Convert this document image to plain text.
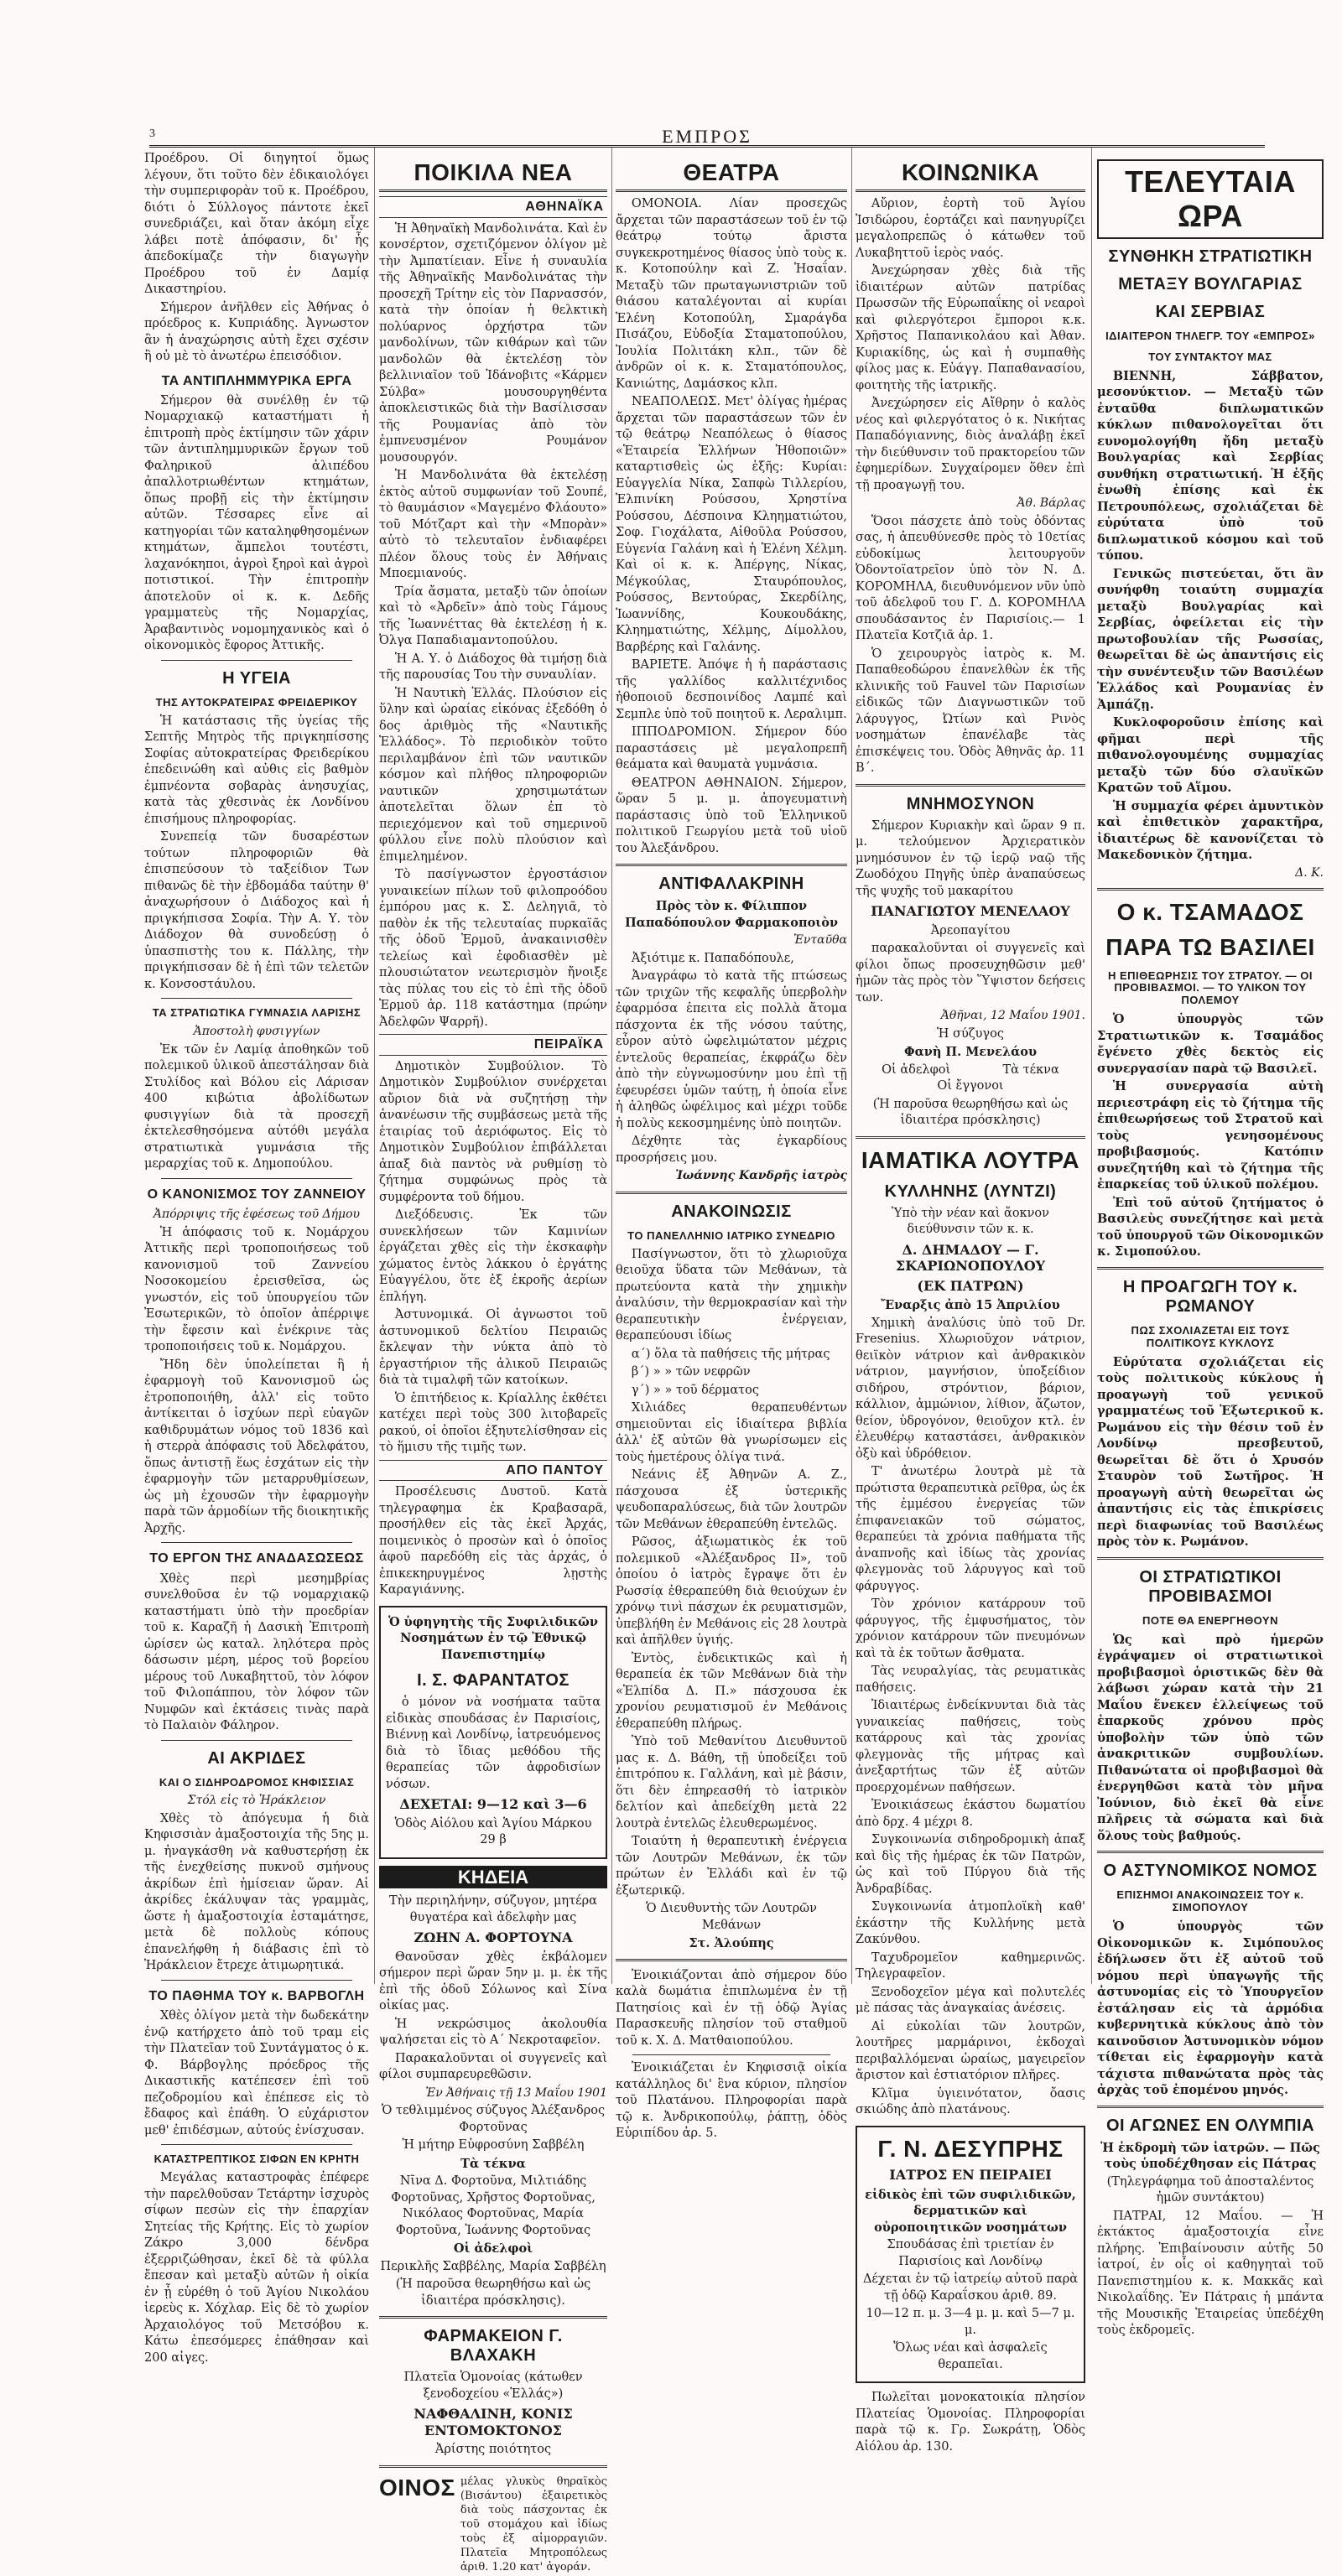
3	ΕΜΠΡΟΣ

Προέδρου. Οἱ διηγητοί ὅμως λέγουν, ὅτι τοῦτο δὲν ἐδικαιολόγει τὴν συμπεριφορὰν τοῦ κ. Προέδρου, διότι ὁ Σύλλογος πάντοτε ἐκεῖ συνεδριάζει, καὶ ὅταν ἀκόμη εἶχε λάβει ποτὲ ἀπόφασιν, δι' ἧς ἀπεδοκίμαζε τὴν διαγωγὴν Προέδρου τοῦ ἐν Δαμίᾳ Δικαστηρίου.

Σήμερον ἀνῆλθεν εἰς Ἀθήνας ὁ πρόεδρος κ. Κυπριάδης. Ἀγνωστον ἂν ἡ ἀναχώρησις αὐτὴ ἔχει σχέσιν ἢ οὐ μὲ τὸ ἀνωτέρω ἐπεισόδιον.

ΤΑ ΑΝΤΙΠΛΗΜΜΥΡΙΚΑ ΕΡΓΑ

Σήμερον θὰ συνέλθῃ ἐν τῷ Νομαρχιακῷ καταστήματι ἡ ἐπιτροπὴ πρὸς ἐκτίμησιν τῶν χάριν τῶν ἀντιπλημμυρικῶν ἔργων τοῦ Φαληρικοῦ ἀλιπέδου ἀπαλλοτριωθέντων κτημάτων, ὅπως προβῇ εἰς τὴν ἐκτίμησιν αὐτῶν. Τέσσαρες εἶνε αἱ κατηγορίαι τῶν καταληφθησομένων κτημάτων, ἄμπελοι τουτέστι, λαχανόκηποι, ἀγροὶ ξηροὶ καὶ ἀγροὶ ποτιστικοί. Τὴν ἐπιτροπὴν ἀποτελοῦν οἱ κ. κ. Δεδῆς γραμματεὺς τῆς Νομαρχίας, Ἀραβαντινὸς νομομηχανικὸς καὶ ὁ οἰκονομικὸς ἔφορος Ἀττικῆς.

Η ΥΓΕΙΑ
ΤΗΣ ΑΥΤΟΚΡΑΤΕΙΡΑΣ ΦΡΕΙΔΕΡΙΚΟΥ

Ἡ κατάστασις τῆς ὑγείας τῆς Σεπτῆς Μητρὸς τῆς πριγκηπίσσης Σοφίας αὐτοκρατείρας Φρειδερίκου ἐπεδεινώθη καὶ αὐθις εἰς βαθμὸν ἐμπνέοντα σοβαρὰς ἀνησυχίας, κατὰ τὰς χθεσινὰς ἐκ Λονδίνου ἐπισήμους πληροφορίας.

Συνεπείᾳ τῶν δυσαρέστων τούτων πληροφοριῶν θὰ ἐπισπεύσουν τὸ ταξείδιον Των πιθανῶς δὲ τὴν ἑβδομάδα ταύτην θ' ἀναχωρήσουν ὁ Διάδοχος καὶ ἡ πριγκήπισσα Σοφία. Τὴν Α. Υ. τὸν Διάδοχον θὰ συνοδεύσῃ ὁ ὑπασπιστὴς του κ. Πάλλης, τὴν πριγκήπισσαν δὲ ἡ ἐπὶ τῶν τελετῶν κ. Κονσοστάυλου.

ΤΑ ΣΤΡΑΤΙΩΤΙΚΑ ΓΥΜΝΑΣΙΑ ΛΑΡΙΣΗΣ
Ἀποστολὴ φυσιγγίων

Ἐκ τῶν ἐν Λαμίᾳ ἀποθηκῶν τοῦ πολεμικοῦ ὑλικοῦ ἀπεστάλησαν διὰ Στυλίδος καὶ Βόλου εἰς Λάρισαν 400 κιβώτια ἀβολίδωτων φυσιγγίων διὰ τὰ προσεχῆ ἐκτελεσθησόμενα αὐτόθι μεγάλα στρατιωτικὰ γυμνάσια τῆς μεραρχίας τοῦ κ. Δημοπούλου.

Ο ΚΑΝΟΝΙΣΜΟΣ ΤΟΥ ΖΑΝΝΕΙΟΥ
Ἀπόρριψις τῆς ἐφέσεως τοῦ Δήμου

Ἡ ἀπόφασις τοῦ κ. Νομάρχου Ἀττικῆς περὶ τροποποιήσεως τοῦ κανονισμοῦ τοῦ Ζαννείου Νοσοκομείου ἐρεισθεῖσα, ὡς γνωστόν, εἰς τοῦ ὑπουργείου τῶν Ἐσωτερικῶν, τὸ ὁποῖον ἀπέρριψε τὴν ἔφεσιν καὶ ἐνέκρινε τὰς τροποποιήσεις τοῦ κ. Νομάρχου.

Ἤδη δὲν ὑπολείπεται ἢ ἡ ἐφαρμογὴ τοῦ Κανονισμοῦ ὡς ἐτροποποιήθη, ἀλλ' εἰς τοῦτο ἀντίκειται ὁ ἰσχύων περὶ εὐαγῶν καθιδρυμάτων νόμος τοῦ 1836 καὶ ἡ στερρὰ ἀπόφασις τοῦ Ἀδελφάτου, ὅπως ἀντιστῇ ἕως ἐσχάτων εἰς τὴν ἐφαρμογὴν τῶν μεταρρυθμίσεων, ὡς μὴ ἐχουσῶν τὴν ἐφαρμογὴν παρὰ τῶν ἁρμοδίων τῆς διοικητικῆς Ἀρχῆς.

ΤΟ ΕΡΓΟΝ ΤΗΣ ΑΝΑΔΑΣΩΣΕΩΣ

Χθὲς περὶ μεσημβρίας συνελθοῦσα ἐν τῷ νομαρχιακῷ καταστήματι ὑπὸ τὴν προεδρίαν τοῦ κ. Καραζῆ ἡ Δασικὴ Ἐπιτροπὴ ὡρίσεν ὡς καταλ. ληλότερα πρὸς δάσωσιν μέρη, μέρος τοῦ βορείου μέρους τοῦ Λυκαβηττοῦ, τὸν λόφον τοῦ Φιλοπάππου, τὸν λόφον τῶν Νυμφῶν καὶ ἐκτάσεις τινὰς παρὰ τὸ Παλαιὸν Φάληρον.

ΑΙ ΑΚΡΙΔΕΣ
ΚΑΙ Ο ΣΙΔΗΡΟΔΡΟΜΟΣ ΚΗΦΙΣΣΙΑΣ
Στόλ εἰς τὸ Ἡράκλειον

Χθὲς τὸ ἀπόγευμα ἡ διὰ Κηφισσιὰν ἀμαξοστοιχία τῆς 5ης μ. μ. ἠναγκάσθη νὰ καθυστερήσῃ ἐκ τῆς ἐνεχθείσης πυκνοῦ σμήνους ἀκρίδων ἐπὶ ἡμίσειαν ὥραν. Αἱ ἀκρίδες ἐκάλυψαν τὰς γραμμὰς, ὥστε ἡ ἀμαξοστοιχία ἐσταμάτησε, μετὰ δὲ πολλοὺς κόπους ἐπανελήφθη ἡ διάβασις ἐπὶ τὸ Ἡράκλειον ἔτρεχε ἀτιμωρητικά.

ΤΟ ΠΑΘΗΜΑ ΤΟΥ κ. ΒΑΡΒΟΓΛΗ

Χθὲς ὀλίγον μετὰ τὴν δωδεκάτην ἐνῷ κατήρχετο ἀπὸ τοῦ τραμ εἰς τὴν Πλατεῖαν τοῦ Συντάγματος ὁ κ. Φ. Βάρβογλης πρόεδρος τῆς Δικαστικῆς κατέπεσεν ἐπὶ τοῦ πεζοδρομίου καὶ ἐπέπεσε εἰς τὸ ἔδαφος καὶ ἐπάθη. Ὁ εὐχάριστον μεθ' ἐπιδέσμων, αὐτούς ἐνίσχυσαν.

ΚΑΤΑΣΤΡΕΠΤΙΚΟΣ ΣΙΦΩΝ ΕΝ ΚΡΗΤΗ

Μεγάλας καταστροφὰς ἐπέφερε τὴν παρελθοῦσαν Τετάρτην ἰσχυρὸς σίφων πεσὼν εἰς τὴν ἐπαρχίαν Σητείας τῆς Κρήτης. Εἰς τὸ χωρίον Ζάκρο 3,000 δένδρα ἐξερριζώθησαν, ἐκεῖ δὲ τὰ φύλλα ἔπεσαν καὶ μεταξὺ αὐτῶν ἡ οἰκία ἐν ᾗ εὑρέθη ὁ τοῦ Ἁγίου Νικολάου ἱερεὺς κ. Χόχλαρ. Εἰς δὲ τὸ χωρίον Ἀρχαιολόγος τοῦ Μετσόβου κ. Κάτω ἐπεσόμερες ἐπάθησαν καὶ 200 αἰγες.

ΠΟΙΚΙΛΑ ΝΕΑ
ΑΘΗΝΑΪΚΑ

Ἡ Ἀθηναϊκὴ Μανδολινάτα. Καὶ ἐν κονσέρτον, σχετιζόμενον ὀλίγον μὲ τὴν Ἀμπατίειαν. Εἶνε ἡ συναυλία τῆς Ἀθηναϊκῆς Μανδολινάτας τὴν προσεχῆ Τρίτην εἰς τὸν Παρνασσόν, κατὰ τὴν ὁποίαν ἡ θελκτικὴ πολύαρνος ὀρχήστρα τῶν μανδολίνων, τῶν κιθάρων καὶ τῶν μανδολῶν θὰ ἐκτελέσῃ τὸν βελλινιαῖον τοῦ Ἰδάνοβιτς «Κάρμεν Σύλβα» μουσουργηθέντα ἀποκλειστικῶς διὰ τὴν Βασίλισσαν τῆς Ρουμανίας ἀπὸ τὸν ἐμπνευσμένον Ρουμάνον μουσουργόν.

Ἡ Μανδολινάτα θὰ ἐκτελέσῃ ἐκτὸς αὐτοῦ συμφωνίαν τοῦ Σουπέ, τὸ θαυμάσιον «Μαγεμένο Φλάουτο» τοῦ Μότζαρτ καὶ τὴν «Μπορὰν» αὐτὸ τὸ τελευταῖον ἐνδιαφέρει πλέον ὅλους τοὺς ἐν Ἀθήναις Μποεμιανούς.

Τρία ἄσματα, μεταξὺ τῶν ὁποίων καὶ τὸ «Ἀρδεῖν» ἀπὸ τοὺς Γάμους τῆς Ἰωαννέττας θὰ ἐκτελέσῃ ἡ κ. Ὀλγα Παπαδιαμαντοπούλου.

Ἡ Α. Υ. ὁ Διάδοχος θὰ τιμήσῃ διὰ τῆς παρουσίας Του τὴν συναυλίαν.

Ἡ Ναυτικὴ Ἑλλάς. Πλούσιον εἰς ὕλην καὶ ὡραίας εἰκόνας ἐξεδόθη ὁ δος ἀριθμὸς τῆς «Ναυτικῆς Ἑλλάδος». Τὸ περιοδικὸν τοῦτο περιλαμβάνον ἐπὶ τῶν ναυτικῶν κόσμον καὶ πλήθος πληροφοριῶν ναυτικῶν χρησιμωτάτων ἀποτελεῖται ὅλων ἐπ τὸ περιεχόμενον καὶ τοῦ σημερινοῦ φύλλου εἶνε πολὺ πλούσιον καὶ ἐπιμελημένον.

Τὸ πασίγνωστον ἐργοστάσιον γυναικείων πίλων τοῦ φιλοπροόδου ἐμπόρου μας κ. Σ. Δεληγιᾶ, τὸ παθὸν ἐκ τῆς τελευταίας πυρκαϊᾶς τῆς ὁδοῦ Ἑρμοῦ, ἀνακαινισθὲν τελείως καὶ ἐφοδιασθὲν μὲ πλουσιώτατον νεωτερισμὸν ἤνοιξε τὰς πύλας του εἰς τὸ ἐπὶ τῆς ὁδοῦ Ἑρμοῦ ἀρ. 118 κατάστημα (πρώην Ἀδελφῶν Ψαρρῆ).

ΠΕΙΡΑΪΚΑ

Δημοτικὸν Συμβούλιον. Τὸ Δημοτικὸν Συμβούλιον συνέρχεται αὔριον διὰ νὰ συζητήσῃ τὴν ἀνανέωσιν τῆς συμβάσεως μετὰ τῆς ἑταιρίας τοῦ ἀεριόφωτος. Εἰς τὸ Δημοτικὸν Συμβούλιον ἐπιβάλλεται ἀπαξ διὰ παντὸς νὰ ρυθμίσῃ τὸ ζήτημα συμφώνως πρὸς τὰ συμφέροντα τοῦ δήμου.

Διεξόδευσις. Ἐκ τῶν συνεκλήσεων τῶν Καμινίων ἐργάζεται χθὲς εἰς τὴν ἐκσκαφὴν χώματος ἐντὸς λάκκου ὁ ἐργάτης Εὐαγγέλου, ὅτε ἐξ ἐκροῆς ἀερίων ἐπλήγη.

Ἀστυνομικά. Οἱ ἀγνωστοι τοῦ ἀστυνομικοῦ δελτίου Πειραιῶς ἔκλεψαν τὴν νύκτα ἀπὸ τὸ ἐργαστήριον τῆς ἀλικοῦ Πειραιῶς διὰ τὰ τιμαλφῆ τῶν κατοίκων.

Ὁ ἐπιτήδειος κ. Κρίαλλης ἐκθέτει κατέχει περὶ τοὺς 300 λιτοβαρεῖς ρακού, οἱ ὁποῖοι ἐξηυτελίσθησαν εἰς τὸ ἥμισυ τῆς τιμῆς των.

ΑΠΟ ΠΑΝΤΟΥ

Προσέλευσις Δυστοῦ. Κατὰ τηλεγραφημα ἐκ Κραβασαρᾶ, προσήλθεν εἰς τὰς ἐκεῖ Ἀρχάς, ποιμενικὸς ὁ προσὼν καὶ ὁ ὁποῖος ἀφοῦ παρεδόθη εἰς τὰς ἀρχάς, ὁ ἐπικεκηρυγμένος λῃστὴς Καραγιάννης.

Ὁ ὑφηγητὴς τῆς Συφιλιδικῶν Νοσημάτων ἐν τῷ Ἐθνικῷ Πανεπιστημίῳ

Ι. Σ. ΦΑΡΑΝΤΑΤΟΣ

ὁ μόνον νὰ νοσήματα ταῦτα εἰδικὰς σπουδάσας ἐν Παρισίοις, Βιέννῃ καὶ Λονδίνῳ, ἰατρευόμενος διὰ τὸ ἴδιας μεθόδου τῆς θεραπείας τῶν ἀφροδισίων νόσων.

ΔΕΧΕΤΑΙ: 9—12 καὶ 3—6

Ὁδὸς Αἰόλου καὶ Ἁγίου Μάρκου 29 β

ΚΗΔΕΙΑ

Τὴν περιηλήνην, σύζυγον, μητέρα θυγατέρα καὶ ἀδελφὴν μας

ΖΩΗΝ Α. ΦΟΡΤΟΥΝΑ

Θανοῦσαν χθὲς ἐκβάλομεν σήμερον περὶ ὥραν 5ην μ. μ. ἐκ τῆς ἐπὶ τῆς ὁδοῦ Σόλωνος καὶ Σίνα οἰκίας μας.

Ἡ νεκρώσιμος ἀκολουθία ψαλήσεται εἰς τὸ Α΄ Νεκροταφεῖον.

Παρακαλοῦνται οἱ συγγενεῖς καὶ φίλοι συμπαρευρεθῶσιν.

Ἐν Ἀθήναις τῇ 13 Μαΐου 1901

Ὁ τεθλιμμένος σύζυγος Ἀλέξανδρος Φορτοῦνας

Ἡ μήτηρ Εὐφροσύνη Σαββέλη

Τὰ τέκνα

Νῖνα Δ. Φορτοῦνα, Μιλτιάδης Φορτοῦνας, Χρῆστος Φορτοῦνας, Νικόλαος Φορτοῦνας, Μαρία Φορτοῦνα, Ἰωάννης Φορτοῦνας

Οἱ ἀδελφοὶ

Περικλῆς Σαββέλης, Μαρία Σαββέλη

(Ἡ παροῦσα θεωρηθήσω καὶ ὡς ἰδιαιτέρα πρόσκλησις).

ΦΑΡΜΑΚΕΙΟΝ Γ. ΒΛΑΧΑΚΗ

Πλατεῖα Ὁμονοίας (κάτωθεν ξενοδοχείου «Ἑλλάς»)

ΝΑΦΘΑΛΙΝΗ, ΚΟΝΙΣ ΕΝΤΟΜΟΚΤΟΝΟΣ

Ἀρίστης ποιότητος

ΟΙΝΟΣ μέλας γλυκὺς θηραϊκὸς (Βισάντου) ἐξαιρετικὸς διὰ τοὺς πάσχοντας ἐκ τοῦ στομάχου καὶ ἰδίως τοὺς ἐξ αἰμορραγιῶν. Πλατεῖα Μητροπόλεως ἀριθ. 1.20 κατ' ἀγοράν.

ΘΕΑΤΡΑ

ΟΜΟΝΟΙΑ. Λίαν προσεχῶς ἄρχεται τῶν παραστάσεων τοῦ ἐν τῷ θεάτρῳ τούτῳ ἄριστα συγκεκροτημένος θίασος ὑπὸ τοὺς κ. κ. Κοτοπούλην καὶ Ζ. Ἠσαΐαν. Μεταξὺ τῶν πρωταγωνιστριῶν τοῦ θιάσου καταλέγονται αἱ κυρίαι Ἑλένη Κοτοπούλη, Σμαράγδα Πισάζου, Εὐδοξία Σταματοπούλου, Ἰουλία Πολιτάκη κλπ., τῶν δὲ ἀνδρῶν οἱ κ. κ. Σταματόπουλος, Κανιώτης, Δαμάσκος κλπ.

ΝΕΑΠΟΛΕΩΣ. Μετ' ὀλίγας ἡμέρας ἄρχεται τῶν παραστάσεων τῶν ἐν τῷ θεάτρῳ Νεαπόλεως ὁ θίασος «Ἑταιρεία Ἑλλήνων Ἠθοποιῶν» καταρτισθεὶς ὡς ἑξῆς: Κυρίαι: Εὐαγγελία Νίκα, Σαπφὼ Τιλλερίου, Ἑλπινίκη Ρούσσου, Χρηστίνα Ρούσσου, Δέσποινα Κληηματιώτου, Σοφ. Γιοχάλατα, Αἰθοῦλα Ρούσσου, Εὐγενία Γαλάνη καὶ ἡ Ἑλένη Χέλμη. Καὶ οἱ κ. κ. Ἀπέργης, Νίκας, Μέγκούλας, Σταυρόπουλος, Ρούσσος, Βεντούρας, Σκερδίλης, Ἰωαννίδης, Κουκουδάκης, Κληηματιώτης, Χέλμης, Δίμολλου, Βαρβέρης καὶ Γαλάνης.

ΒΑΡΙΕΤΕ. Ἀπόψε ἡ ἡ παράστασις τῆς γαλλίδος καλλιτέχνιδος ἠθοποιοῦ δεσποινίδος Λαμπέ καὶ Σεμπλε ὑπὸ τοῦ ποιητοῦ κ. Λεραλιμπ.

ΙΠΠΟΔΡΟΜΙΟΝ. Σήμερον δύο παραστάσεις μὲ μεγαλοπρεπῆ θεάματα καὶ θαυματὰ γυμνάσια.

ΘΕΑΤΡΟΝ ΑΘΗΝΑΙΟΝ. Σήμερον, ὥραν 5 μ. μ. ἀπογευματινὴ παράστασις ὑπὸ τοῦ Ἑλληνικοῦ πολιτικοῦ Γεωργίου μετὰ τοῦ υἱοῦ του Ἀλεξάνδρου.

ΑΝΤΙΦΑΛΑΚΡΙΝΗ

Πρὸς τὸν κ. Φίλιππον Παπαδόπουλον Φαρμακοποιὸν

Ἐνταῦθα

Ἀξιότιμε κ. Παπαδόπουλε,

Ἀναγράφω τὸ κατὰ τῆς πτώσεως τῶν τριχῶν τῆς κεφαλῆς ὑπερβολὴν ἐφαρμόσα ἐπειτα εἰς πολλὰ ἄτομα πάσχοντα ἐκ τῆς νόσου ταύτης, εὗρον αὐτὸ ὠφελιμώτατον μέχρις ἐντελοῦς θεραπείας, ἐκφράζω δὲν ἀπὸ τὴν εὐγνωμοσύνην μου ἐπὶ τῇ ἐφευρέσει ὑμῶν ταύτῃ, ἡ ὁποία εἶνε ἡ ἀληθῶς ὠφέλιμος καὶ μέχρι τοῦδε ἡ πολὺς κεκοσμημένης ὑπὸ ποιητῶν.

Δέχθητε τὰς ἐγκαρδίους προσρήσεις μου.

Ἰωάννης Κανδρῆς ἰατρὸς

ΑΝΑΚΟΙΝΩΣΙΣ
ΤΟ ΠΑΝΕΛΛΗΝΙΟ ΙΑΤΡΙΚΟ ΣΥΝΕΔΡΙΟ

Πασίγνωστον, ὅτι τὸ χλωριοῦχα θειοῦχα ὕδατα τῶν Μεθάνων, τὰ πρωτεύοντα κατὰ τὴν χημικὴν ἀναλύσιν, τὴν θερμοκρασίαν καὶ τὴν θεραπευτικὴν ἐνέργειαν, θεραπεύουσι ἰδίως

α΄) ὅλα τὰ παθήσεις τῆς μήτρας

β΄) » » τῶν νεφρῶν

γ΄) » » τοῦ δέρματος

Χιλιάδες θεραπευθέντων σημειοῦνται εἰς ἰδιαίτερα βιβλία ἀλλ' ἐξ αὐτῶν θὰ γνωρίσωμεν εἰς τοὺς ἡμετέρους ὀλίγα τινά.

Νεάνις ἐξ Ἀθηνῶν Α. Ζ., πάσχουσα ἐξ ὑστερικῆς ψευδοπαραλύσεως, διὰ τῶν λουτρῶν τῶν Μεθάνων ἐθεραπεύθη ἐντελῶς.

Ρῶσος, ἀξιωματικὸς ἐκ τοῦ πολεμικοῦ «Ἀλέξανδρος ΙΙ», τοῦ ὁποίου ὁ ἰατρὸς ἔγραψε ὅτι ἐν Ρωσσίᾳ ἐθεραπεύθη διὰ θειούχων ἐν χρόνῳ τινὶ πάσχων ἐκ ρευματισμῶν, ὑπεβλήθη ἐν Μεθάνοις εἰς 28 λουτρὰ καὶ ἀπῆλθεν ὑγιής.

Ἐντὸς, ἐνδεικτικῶς καὶ ἡ θεραπεία ἐκ τῶν Μεθάνων διὰ τὴν «Ἑλπίδα Δ. Π.» πάσχουσα ἐκ χρονίου ρευματισμοῦ ἐν Μεθάνοις ἐθεραπεύθη πλήρως.

Ὑπὸ τοῦ Μεθανίτου Διευθυντοῦ μας κ. Δ. Βάθη, τῇ ὑποδείξει τοῦ ἐπιτρόπου κ. Γαλλάνη, καὶ μὲ βάσιν, ὅτι δὲν ἐπηρεασθή τὸ ἰατρικὸν δελτίον καὶ ἀπεδείχθη μετὰ 22 λουτρὰ ἐντελῶς ἐλευθερωμένος.

Τοιαύτη ἡ θεραπευτικὴ ἐνέργεια τῶν Λουτρῶν Μεθάνων, ἐκ τῶν πρώτων ἐν Ἑλλάδι καὶ ἐν τῷ ἐξωτερικῷ.

Ὁ Διευθυντὴς τῶν Λουτρῶν Μεθάνων

Στ. Ἀλούπης

Ἐνοικιάζονται ἀπὸ σήμερον δύο καλὰ δωμάτια ἐπιπλωμένα ἐν τῇ Πατησίοις καὶ ἐν τῇ ὁδῷ Ἁγίας Παρασκευῆς πλησίον τοῦ σταθμοῦ τοῦ κ. Χ. Δ. Ματθαιοπούλου.

Ἐνοικιάζεται ἐν Κηφισσιᾷ οἰκία κατάλληλος δι' ἓνα κύριον, πλησίον τοῦ Πλατάνου. Πληροφορίαι παρὰ τῷ κ. Ἀνδρικοπούλῳ, ῥάπτῃ, ὁδὸς Εὐριπίδου ἀρ. 5.

ΚΟΙΝΩΝΙΚΑ

Αὔριον, ἑορτὴ τοῦ Ἁγίου Ἰσιδώρου, ἑορτάζει καὶ πανηγυρίζει μεγαλοπρεπῶς ὁ κάτωθεν τοῦ Λυκαβηττοῦ ἱερὸς ναός.

Ἀνεχώρησαν χθὲς διὰ τῆς ἰδιαιτέρων αὐτῶν πατρίδας Πρωσσῶν τῆς Εὐρωπαΐκης οἱ νεαροὶ καὶ φιλεργότεροι ἔμποροι κ.κ. Χρῆστος Παπανικολάου καὶ Ἀθαν. Κυριακίδης, ὡς καὶ ἡ συμπαθὴς φίλος μας κ. Εὐάγγ. Παπαθανασίου, φοιτητὴς τῆς ἰατρικῆς.

Ἀνεχώρησεν εἰς Αἴθρην ὁ καλὸς νέος καὶ φιλεργότατος ὁ κ. Νικήτας Παπαδόγιαννης, διὸς ἀναλάβῃ ἐκεῖ τὴν διεύθυνσιν τοῦ πρακτορείου τῶν ἐφημερίδων. Συγχαίρομεν ὅθεν ἐπὶ τῇ προαγωγῇ του.

Ἀθ. Βάρλας

Ὅσοι πάσχετε ἀπὸ τοὺς ὀδόντας σας, ἡ ἀπευθύνεσθε πρὸς τὸ 10ετίας εὐδοκίμως λειτουργοῦν Ὀδοντοϊατρεῖον ὑπὸ τὸν Ν. Δ. ΚΟΡΟΜΗΛΑ, διευθυνόμενον νῦν ὑπὸ τοῦ ἀδελφοῦ του Γ. Δ. ΚΟΡΟΜΗΛΑ σπουδάσαντος ἐν Παρισίοις.— 1 Πλατεῖα Κοτζιᾶ ἀρ. 1.

Ὁ χειρουργὸς ἰατρὸς κ. Μ. Παπαθεοδώρου ἐπανελθὼν ἐκ τῆς κλινικῆς τοῦ Fauvel τῶν Παρισίων εἰδικῶς τῶν Διαγνωστικῶν τοῦ λάρυγγος, Ὠτίων καὶ Ρινὸς νοσημάτων ἐπανέλαβε τὰς ἐπισκέψεις του. Ὁδὸς Ἀθηνᾶς ἀρ. 11 Β΄.

ΜΝΗΜΟΣΥΝΟΝ

Σήμερον Κυριακὴν καὶ ὥραν 9 π. μ. τελούμενον Ἀρχιερατικὸν μνημόσυνον ἐν τῷ ἱερῷ ναῷ τῆς Ζωοδόχου Πηγῆς ὑπὲρ ἀναπαύσεως τῆς ψυχῆς τοῦ μακαρίτου

ΠΑΝΑΓΙΩΤΟΥ ΜΕΝΕΛΑΟΥ

Ἀρεοπαγίτου

παρακαλοῦνται οἱ συγγενεῖς καὶ φίλοι ὅπως προσευχηθῶσιν μεθ' ἡμῶν τὰς πρὸς τὸν Ὕψιστον δεήσεις των.

Ἀθῆναι, 12 Μαΐου 1901.

Ἡ σύζυγος

Φανὴ Π. Μενελάου

Οἱ ἀδελφοὶ	Τὰ τέκνα

Οἱ ἔγγονοι

(Ἡ παροῦσα θεωρηθήσω καὶ ὡς ἰδιαιτέρα πρόσκλησις)

ΙΑΜΑΤΙΚΑ ΛΟΥΤΡΑ
ΚΥΛΛΗΝΗΣ (ΛΥΝΤΖΙ)

Ὑπὸ τὴν νέαν καὶ ἄοκνον διεύθυνσιν τῶν κ. κ.

Δ. ΔΗΜΑΔΟΥ — Γ. ΣΚΑΡΙΩΝΟΠΟΥΛΟΥ
(ΕΚ ΠΑΤΡΩΝ)

Ἔναρξις ἀπὸ 15 Ἀπριλίου

Χημικὴ ἀναλύσις ὑπὸ τοῦ Dr. Fresenius. Χλωριοῦχον νάτριον, θειϊκὸν νάτριον καὶ ἀνθρακικὸν νάτριον, μαγνήσιον, ὑποξείδιον σιδήρου, στρόντιον, βάριον, κάλλιον, ἀμμώνιον, λίθιον, ἄζωτον, θείον, ὑδρογόνον, θειοῦχον κτλ. ἐν ἐλευθέρῳ καταστάσει, ἀνθρακικὸν ὀξὺ καὶ ὑδρόθειον.

Τ' ἀνωτέρω λουτρὰ μὲ τὰ πρώτιστα θεραπευτικὰ ρεῖθρα, ὡς ἐκ τῆς ἐμμέσου ἐνεργείας τῶν ἐπιφανειακῶν τοῦ σώματος, θεραπεύει τὰ χρόνια παθήματα τῆς ἀναπνοῆς καὶ ἰδίως τὰς χρονίας φλεγμονὰς τοῦ λάρυγγος καὶ τοῦ φάρυγγος.

Τὸν χρόνιον κατάρρουν τοῦ φάρυγγος, τῆς ἐμφυσήματος, τὸν χρόνιον κατάρρουν τῶν πνευμόνων καὶ τὰ ἐκ τοῦτων ἄσθματα.

Τὰς νευραλγίας, τὰς ρευματικὰς παθήσεις.

Ἰδιαιτέρως ἐνδείκνυνται διὰ τὰς γυναικείας παθήσεις, τοὺς κατάρρους καὶ τὰς χρονίας φλεγμονὰς τῆς μήτρας καὶ ἀνεξαρτήτως τῶν ἐξ αὐτῶν προερχομένων παθήσεων.

Ἐνοικιάσεως ἑκάστου δωματίου ἀπὸ δρχ. 4 μέχρι 8.

Συγκοινωνία σιδηροδρομικὴ ἁπαξ καὶ δὶς τῆς ἡμέρας ἐκ τῶν Πατρῶν, ὡς καὶ τοῦ Πύργου διὰ τῆς Ἀνδραβίδας.

Συγκοινωνία ἀτμοπλοϊκὴ καθ' ἑκάστην τῆς Κυλλήνης μετὰ Ζακύνθου.

Ταχυδρομεῖον καθημερινῶς. Τηλεγραφεῖον.

Ξενοδοχεῖον μέγα καὶ πολυτελές μὲ πάσας τὰς ἀναγκαίας ἀνέσεις.

Αἱ εὐκολίαι τῶν λουτρῶν, λουτῆρες μαρμάρινοι, ἐκδοχαὶ περιβαλλόμεναι ὡραίως, μαγειρεῖον ἄριστον καὶ ἐστιατόριον πλῆρες.

Κλῖμα ὑγιεινότατον, ὄασις σκιώδης ἀπὸ πλατάνους.

Γ. Ν. ΔΕΣΥΠΡΗΣ
ΙΑΤΡΟΣ ΕΝ ΠΕΙΡΑΙΕΙ

εἰδικὸς ἐπὶ τῶν συφιλιδικῶν, δερματικῶν καὶ οὐροποιητικῶν νοσημάτων

Σπουδάσας ἐπὶ τριετίαν ἐν Παρισίοις καὶ Λονδίνῳ

Δέχεται ἐν τῷ ἰατρείῳ αὐτοῦ παρὰ τῇ ὁδῷ Καραΐσκου ἀριθ. 89.

10—12 π. μ. 3—4 μ. μ. καὶ 5—7 μ. μ.

Ὅλως νέαι καὶ ἀσφαλεῖς θεραπεῖαι.

Πωλεῖται μονοκατοικία πλησίον Πλατείας Ὁμονοίας. Πληροφορίαι παρὰ τῷ κ. Γρ. Σωκράτῃ, Ὁδὸς Αἰόλου ἀρ. 130.

ΤΕΛΕΥΤΑΙΑ ΩΡΑ
ΣΥΝΘΗΚΗ ΣΤΡΑΤΙΩΤΙΚΗ
ΜΕΤΑΞΥ ΒΟΥΛΓΑΡΙΑΣ
ΚΑΙ ΣΕΡΒΙΑΣ
ΙΔΙΑΙΤΕΡΟΝ ΤΗΛΕΓΡ. ΤΟΥ «ΕΜΠΡΟΣ»
ΤΟΥ ΣΥΝΤΑΚΤΟΥ ΜΑΣ

ΒΙΕΝΝΗ, Σάββατον, μεσονύκτιον. — Μεταξὺ τῶν ἐνταῦθα διπλωματικῶν κύκλων πιθανολογεῖται ὅτι ευνομολογήθη ἤδη μεταξὺ Βουλγαρίας καὶ Σερβίας συνθήκη στρατιωτική. Ἡ ἐξῆς ἐνωθὴ ἐπίσης καὶ ἐκ Πετρουπόλεως, σχολιάζεται δὲ εὐρύτατα ὑπὸ τοῦ διπλωματικοῦ κόσμου καὶ τοῦ τύπου.

Γενικῶς πιστεύεται, ὅτι ἂν συνήφθη τοιαύτη συμμαχία μεταξὺ Βουλγαρίας καὶ Σερβίας, ὀφείλεται εἰς τὴν πρωτοβουλίαν τῆς Ρωσσίας, θεωρεῖται δὲ ὡς ἀπαντήσις εἰς τὴν συνέντευξιν τῶν Βασιλέων Ἑλλάδος καὶ Ρουμανίας ἐν Ἀμπάζῃ.

Κυκλοφοροῦσιν ἐπίσης καὶ φῆμαι περὶ τῆς πιθανολογουμένης συμμαχίας μεταξὺ τῶν δύο σλαυϊκῶν Κρατῶν τοῦ Αἵμου.

Ἡ συμμαχία φέρει ἀμυντικὸν καὶ ἐπιθετικὸν χαρακτῆρα, ἰδιαιτέρως δὲ κανονίζεται τὸ Μακεδονικὸν ζήτημα.

Δ. Κ.

Ο κ. ΤΣΑΜΑΔΟΣ
ΠΑΡΑ ΤΩ ΒΑΣΙΛΕΙ
Η ΕΠΙΘΕΩΡΗΣΙΣ ΤΟΥ ΣΤΡΑΤΟΥ. — ΟΙ ΠΡΟΒΙΒΑΣΜΟΙ. — ΤΟ ΥΛΙΚΟΝ ΤΟΥ ΠΟΛΕΜΟΥ

Ὁ ὑπουργὸς τῶν Στρατιωτικῶν κ. Τσαμάδος ἔγένετο χθὲς δεκτὸς εἰς συνεργασίαν παρὰ τῷ Βασιλεῖ.

Ἡ συνεργασία αὐτὴ περιεστράφη εἰς τὸ ζήτημα τῆς ἐπιθεωρήσεως τοῦ Στρατοῦ καὶ τοὺς γενησομένους προβιβασμούς. Κατόπιν συνεζητήθη καὶ τὸ ζήτημα τῆς ἐπαρκείας τοῦ ὑλικοῦ πολέμου.

Ἐπὶ τοῦ αὐτοῦ ζητήματος ὁ Βασιλεὺς συνεζήτησε καὶ μετὰ τοῦ ὑπουργοῦ τῶν Οἰκονομικῶν κ. Σιμοπούλου.

Η ΠΡΟΑΓΩΓΗ ΤΟΥ κ. ΡΩΜΑΝΟΥ
ΠΩΣ ΣΧΟΛΙΑΖΕΤΑΙ ΕΙΣ ΤΟΥΣ ΠΟΛΙΤΙΚΟΥΣ ΚΥΚΛΟΥΣ

Εὐρύτατα σχολιάζεται εἰς τοὺς πολιτικοὺς κύκλους ἡ προαγωγὴ τοῦ γενικοῦ γραμματέως τοῦ Ἐξωτερικοῦ κ. Ρωμάνου εἰς τὴν θέσιν τοῦ ἐν Λονδίνῳ πρεσβευτοῦ, θεωρεῖται δὲ ὅτι ὁ Χρυσόν Σταυρὸν τοῦ Σωτῆρος. Ἡ προαγωγὴ αὐτὴ θεωρεῖται ὡς ἀπαντήσις εἰς τὰς ἐπικρίσεις περὶ διαφωνίας τοῦ Βασιλέως πρὸς τὸν κ. Ρωμάνον.

ΟΙ ΣΤΡΑΤΙΩΤΙΚΟΙ ΠΡΟΒΙΒΑΣΜΟΙ
ΠΟΤΕ ΘΑ ΕΝΕΡΓΗΘΟΥΝ

Ὡς καὶ πρὸ ἡμερῶν ἐγράψαμεν οἱ στρατιωτικοὶ προβιβασμοὶ ὁριστικῶς δὲν θὰ λάβωσι χώραν κατὰ τὴν 21 Μαΐου ἕνεκεν ἐλλείψεως τοῦ ἐπαρκοῦς χρόνου πρὸς ὑποβολὴν τῶν ὑπὸ τῶν ἀνακριτικῶν συμβουλίων. Πιθανώτατα οἱ προβιβασμοὶ θὰ ἐνεργηθῶσι κατὰ τὸν μῆνα Ἰούνιον, διὸ ἐκεῖ θὰ εἶνε πλῆρεις τὰ σώματα καὶ διὰ ὅλους τοὺς βαθμούς.

Ο ΑΣΤΥΝΟΜΙΚΟΣ ΝΟΜΟΣ
ΕΠΙΣΗΜΟΙ ΑΝΑΚΟΙΝΩΣΕΙΣ ΤΟΥ κ. ΣΙΜΟΠΟΥΛΟΥ

Ὁ ὑπουργὸς τῶν Οἰκονομικῶν κ. Σιμόπουλος ἐδήλωσεν ὅτι ἐξ αὐτοῦ τοῦ νόμου περὶ ὑπαγωγῆς τῆς ἀστυνομίας εἰς τὸ Ὑπουργεῖον ἐστάλησαν εἰς τὰ ἁρμόδια κυβερνητικὰ κύκλους ἀπὸ τὸν καινοῦσιον Ἀστυνομικὸν νόμον τίθεται εἰς ἐφαρμογὴν κατὰ τάχιστα πιθανώτατα πρὸς τὰς ἀρχὰς τοῦ ἐπομένου μηνός.

ΟΙ ΑΓΩΝΕΣ ΕΝ ΟΛΥΜΠΙΑ

Ἡ ἐκδρομὴ τῶν ἰατρῶν. — Πῶς τοὺς ὑποδέχθησαν εἰς Πάτρας

(Τηλεγράφημα τοῦ ἀποσταλέντος ἡμῶν συντάκτου)

ΠΑΤΡΑΙ, 12 Μαΐου. — Ἡ ἐκτάκτος ἀμαξοστοιχία εἶνε πλήρης. Ἐπιβαίνουσιν αὐτῆς 50 ἰατροί, ἐν οἷς οἱ καθηγηταὶ τοῦ Πανεπιστημίου κ. κ. Μακκᾶς καὶ Νικολαΐδης. Ἐν Πάτραις ἡ μπάντα τῆς Μουσικῆς Ἑταιρείας ὑπεδέχθη τοὺς ἐκδρομεῖς.
